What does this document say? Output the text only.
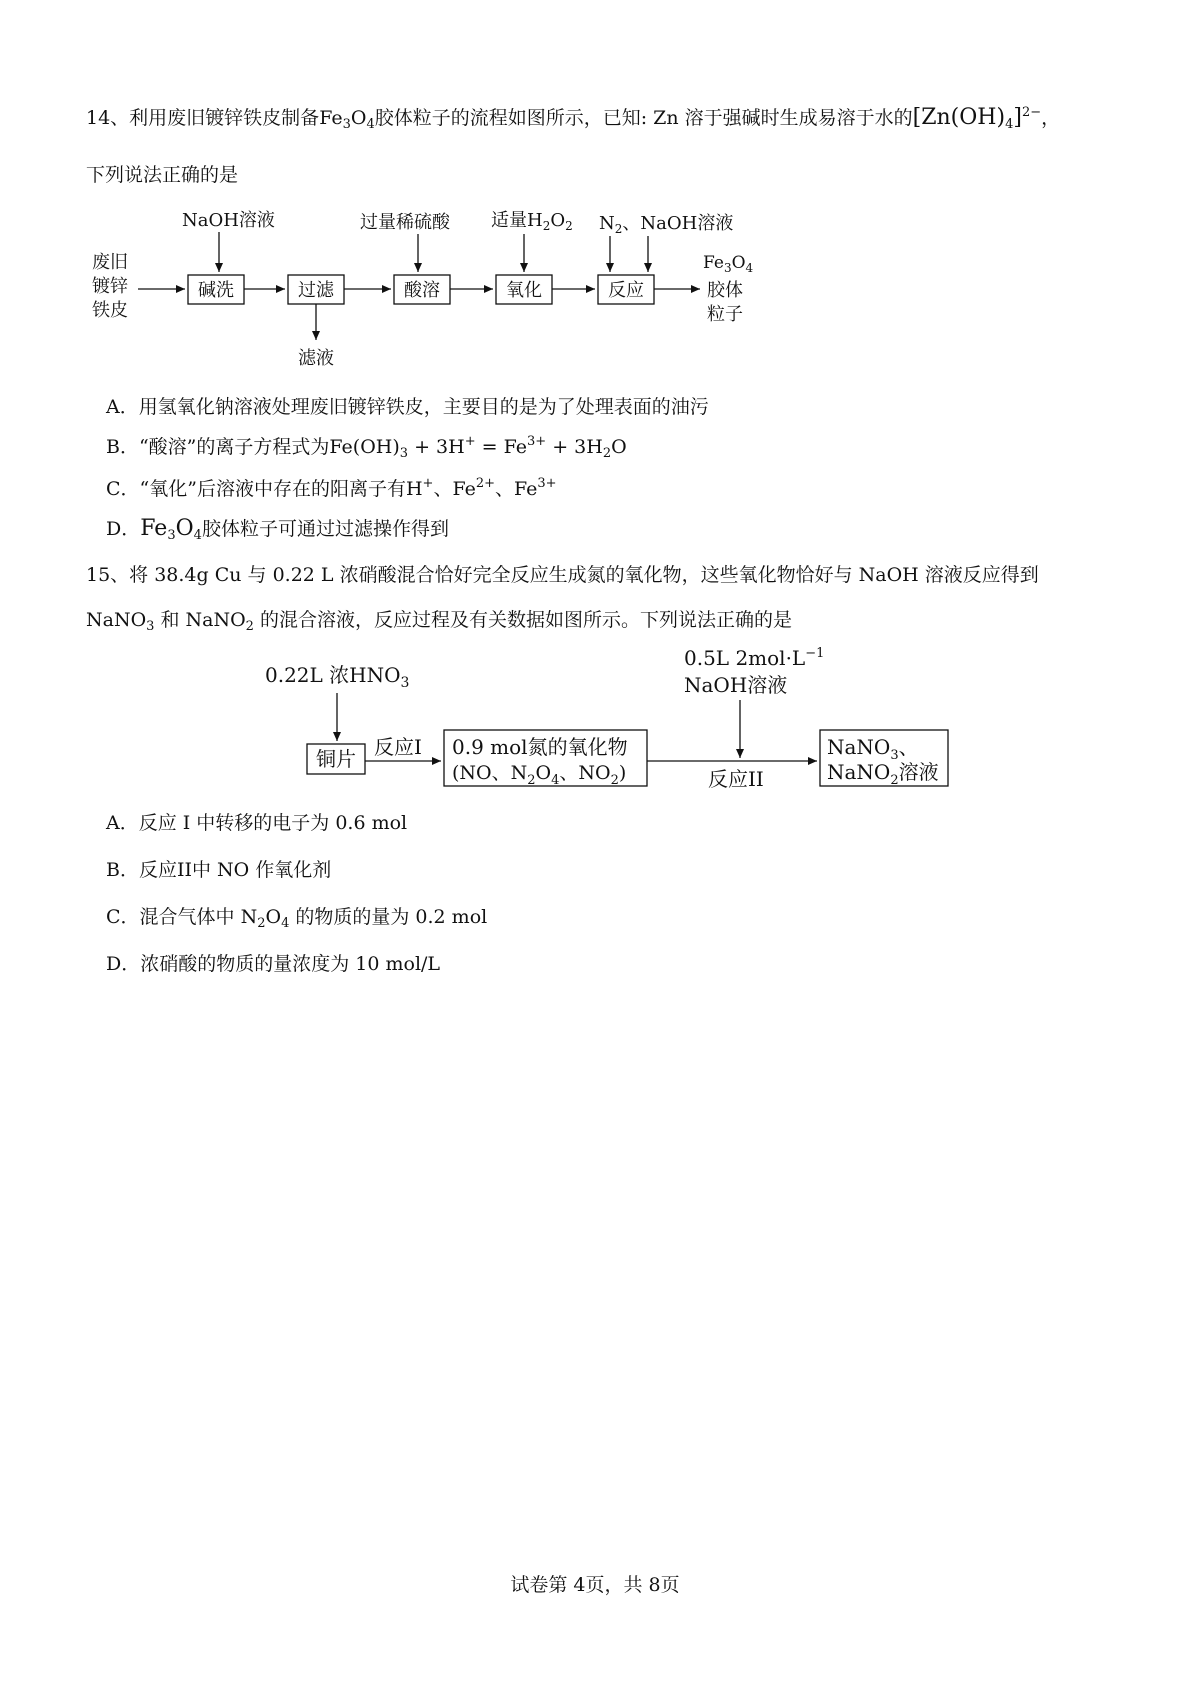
14、利用废旧镀锌铁皮制备$Fe_3O_4$胶体粒子的流程如图所示，已知: Zn 溶于强碱时生成易溶于水的$[Zn(OH)_4]^{2-}$，
下列说法正确的是
废旧
镀锌
铁皮
碱洗
NaOH溶液
过滤
滤液
酸溶
过量稀硫酸
氧化
适量$H_2O_2$
反应
$N_2$、NaOH溶液
$Fe_3O_4$
胶体
粒子
0.22L 浓$HNO_3$
铜片 反应I 0.9 mol氮的氧化物
(NO、$N_2O_4$、$NO_2$)
0.5L $2mol\cdot L^{-1}$
NaOH溶液
反应II
NaNO$_3$、
NaNO$_2$溶液
A．用氢氧化钠溶液处理废旧镀锌铁皮，主要目的是为了处理表面的油污
B．“酸溶”的离子方程式为$Fe(OH)_3 + 3H^+ = Fe^{3+} + 3H_2O$
C．“氧化”后溶液中存在的阳离子有H+、$Fe^{2+}$、$Fe^{3+}$
D．$Fe_3O_4$胶体粒子可通过过滤操作得到
15、将 38.4g Cu 与 0.22 L 浓硝酸混合恰好完全反应生成氮的氧化物，这些氧化物恰好与 NaOH 溶液反应得到
NaNO$_3$ 和 NaNO$_2$ 的混合溶液，反应过程及有关数据如图所示。下列说法正确的是
A．反应 I 中转移的电子为 0.6 mol
B．反应II中 NO 作氧化剂
C．混合气体中 $N_2O_4$ 的物质的量为 0.2 mol
D．浓硝酸的物质的量浓度为 10 mol/L
试卷第 4页，共 8页
